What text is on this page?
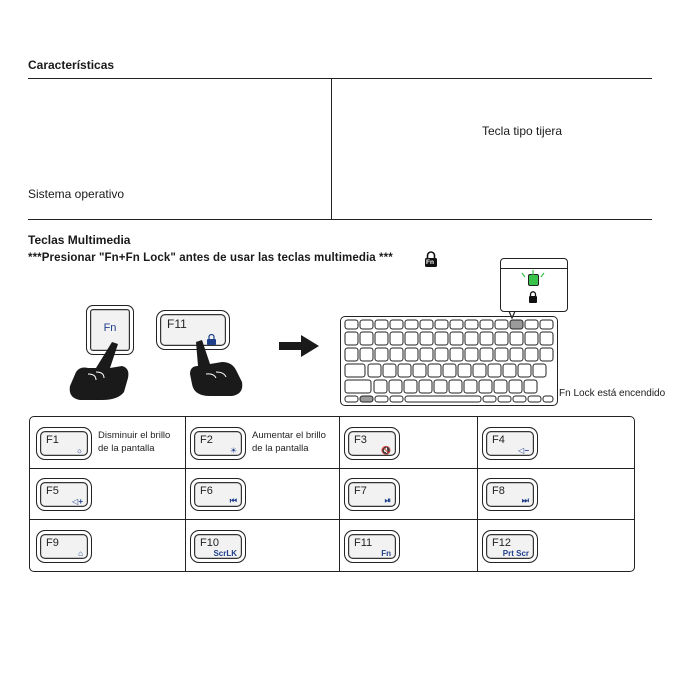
Características
Sistema operativo
Tecla tipo tijera
Teclas Multimedia
***Presionar "Fn+Fn Lock" antes de usar las teclas multimedia ***	Fn
Fn	F11
Fn Lock está encendido
F1
☼
Disminuir el brillo
de la pantalla
F2
☀
Aumentar el brillo
de la pantalla
F3
🔇
F4
◁−
F5
◁+
F6
⏮
F7
⏯
F8
⏭
F9
⌂
F10
ScrLK
F11
Fn
F12
Prt Scr
